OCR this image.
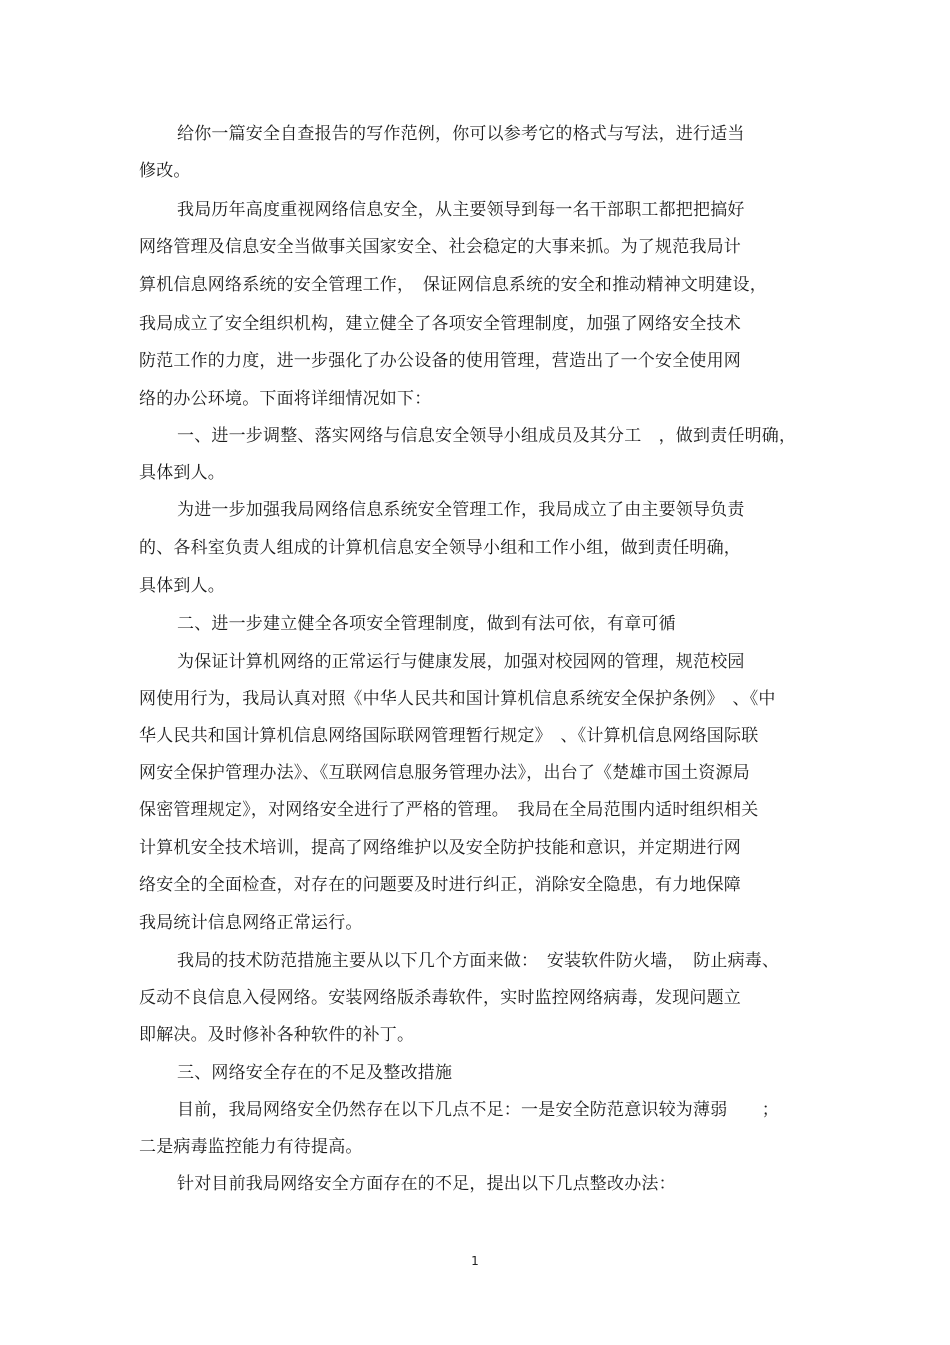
给你一篇安全自查报告的写作范例，你可以参考它的格式与写法，进行适当
修改。
我局历年高度重视网络信息安全，从主要领导到每一名干部职工都把把搞好
网络管理及信息安全当做事关国家安全、社会稳定的大事来抓。为了规范我局计
算机信息网络系统的安全管理工作，　保证网信息系统的安全和推动精神文明建设，
我局成立了安全组织机构，建立健全了各项安全管理制度，加强了网络安全技术
防范工作的力度，进一步强化了办公设备的使用管理，营造出了一个安全使用网
络的办公环境。下面将详细情况如下：
一、进一步调整、落实网络与信息安全领导小组成员及其分工　，做到责任明确，
具体到人。
为进一步加强我局网络信息系统安全管理工作，我局成立了由主要领导负责
的、各科室负责人组成的计算机信息安全领导小组和工作小组，做到责任明确，
具体到人。
二、进一步建立健全各项安全管理制度，做到有法可依，有章可循
为保证计算机网络的正常运行与健康发展，加强对校园网的管理，规范校园
网使用行为，我局认真对照《中华人民共和国计算机信息系统安全保护条例》　、《中
华人民共和国计算机信息网络国际联网管理暂行规定》　、《计算机信息网络国际联
网安全保护管理办法》、《互联网信息服务管理办法》，出台了《楚雄市国土资源局
保密管理规定》，对网络安全进行了严格的管理。　我局在全局范围内适时组织相关
计算机安全技术培训，提高了网络维护以及安全防护技能和意识，并定期进行网
络安全的全面检查，对存在的问题要及时进行纠正，消除安全隐患，有力地保障
我局统计信息网络正常运行。
我局的技术防范措施主要从以下几个方面来做：　安装软件防火墙，　防止病毒、
反动不良信息入侵网络。安装网络版杀毒软件，实时监控网络病毒，发现问题立
即解决。及时修补各种软件的补丁。
三、网络安全存在的不足及整改措施
目前，我局网络安全仍然存在以下几点不足：一是安全防范意识较为薄弱　　；
二是病毒监控能力有待提高。
针对目前我局网络安全方面存在的不足，提出以下几点整改办法：
1
